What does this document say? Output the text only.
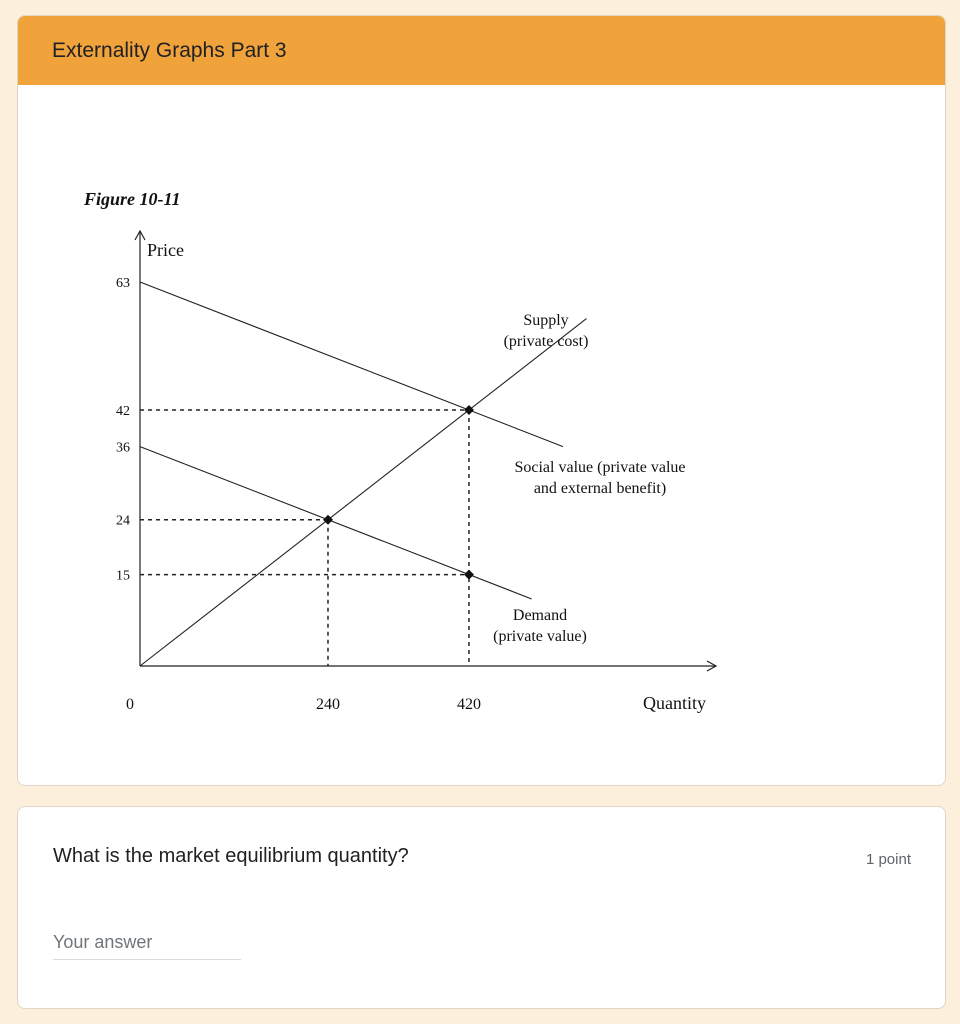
Externality Graphs Part 3
Figure 10-11
Price
Quantity
0
15
24
36
42
63
240	420
Supply
(private cost)
Social value (private value
and external benefit)
Demand
(private value)
What is the market equilibrium quantity?	1 point
Your answer
